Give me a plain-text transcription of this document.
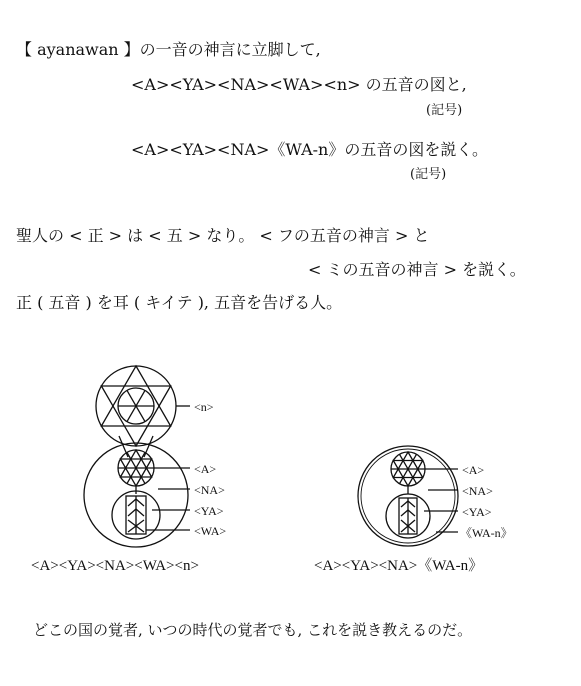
【 ayanawan 】の一音の神言に立脚して,
<A><YA><NA><WA><n> の五音の図と,
(記号)
<A><YA><NA>《WA-n》の五音の図を説く。
(記号)
聖人の < 正 > は < 五 > なり。 < フの五音の神言 > と
< ミの五音の神言 > を説く。
正 ( 五音 ) を耳 ( キイテ ), 五音を告げる人。
<n>
<A>
<NA>
<YA>
<WA>
<A><YA><NA><WA><n>
<A>
<NA>
<YA>
《WA-n》
<A><YA><NA>《WA-n》
どこの国の覚者, いつの時代の覚者でも, これを説き教えるのだ。
